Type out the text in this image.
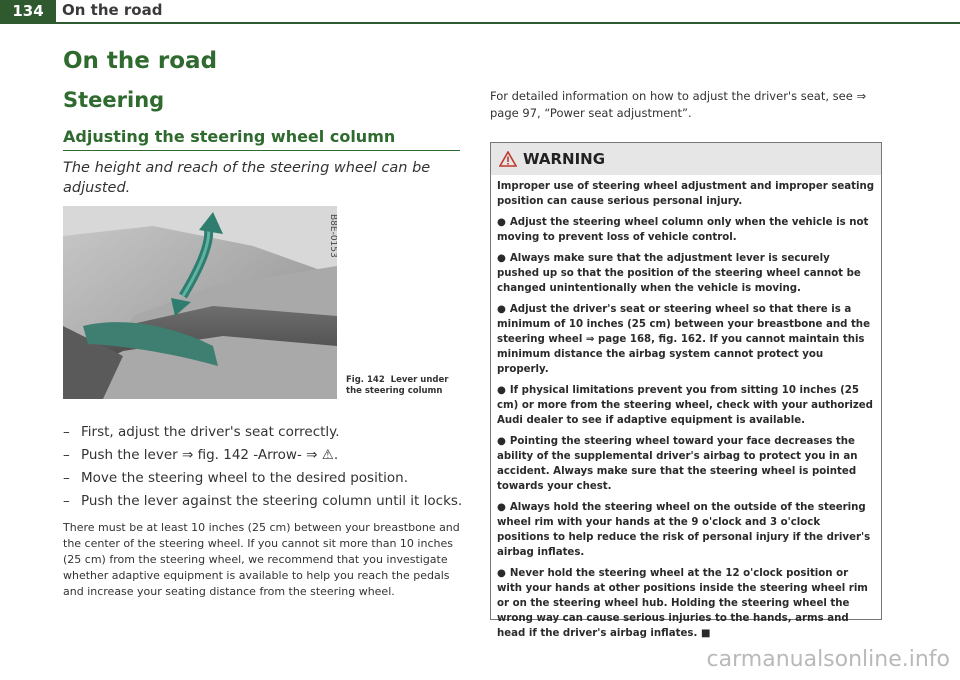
134	On the road
On the road
Steering
Adjusting the steering wheel column
The height and reach of the steering wheel can be adjusted.
B8E-0153
Fig. 142 Lever under the steering column
– First, adjust the driver's seat correctly.
– Push the lever ⇒ fig. 142 -Arrow- ⇒ ⚠.
– Move the steering wheel to the desired position.
– Push the lever against the steering column until it locks.
There must be at least 10 inches (25 cm) between your breastbone and the center of the steering wheel. If you cannot sit more than 10 inches (25 cm) from the steering wheel, we recommend that you investigate whether adaptive equipment is available to help you reach the pedals and increase your seating distance from the steering wheel.
For detailed information on how to adjust the driver's seat, see ⇒ page 97, “Power seat adjustment”.
WARNING

Improper use of steering wheel adjustment and improper seating position can cause serious personal injury.

● Adjust the steering wheel column only when the vehicle is not moving to prevent loss of vehicle control.

● Always make sure that the adjustment lever is securely pushed up so that the position of the steering wheel cannot be changed unintentionally when the vehicle is moving.

● Adjust the driver's seat or steering wheel so that there is a minimum of 10 inches (25 cm) between your breastbone and the steering wheel ⇒ page 168, fig. 162. If you cannot maintain this minimum distance the airbag system cannot protect you properly.

● If physical limitations prevent you from sitting 10 inches (25 cm) or more from the steering wheel, check with your authorized Audi dealer to see if adaptive equipment is available.

● Pointing the steering wheel toward your face decreases the ability of the supplemental driver's airbag to protect you in an accident. Always make sure that the steering wheel is pointed towards your chest.

● Always hold the steering wheel on the outside of the steering wheel rim with your hands at the 9 o'clock and 3 o'clock positions to help reduce the risk of personal injury if the driver's airbag inflates.

● Never hold the steering wheel at the 12 o'clock position or with your hands at other positions inside the steering wheel rim or on the steering wheel hub. Holding the steering wheel the wrong way can cause serious injuries to the hands, arms and head if the driver's airbag inflates. ■

carmanualsonline.info
